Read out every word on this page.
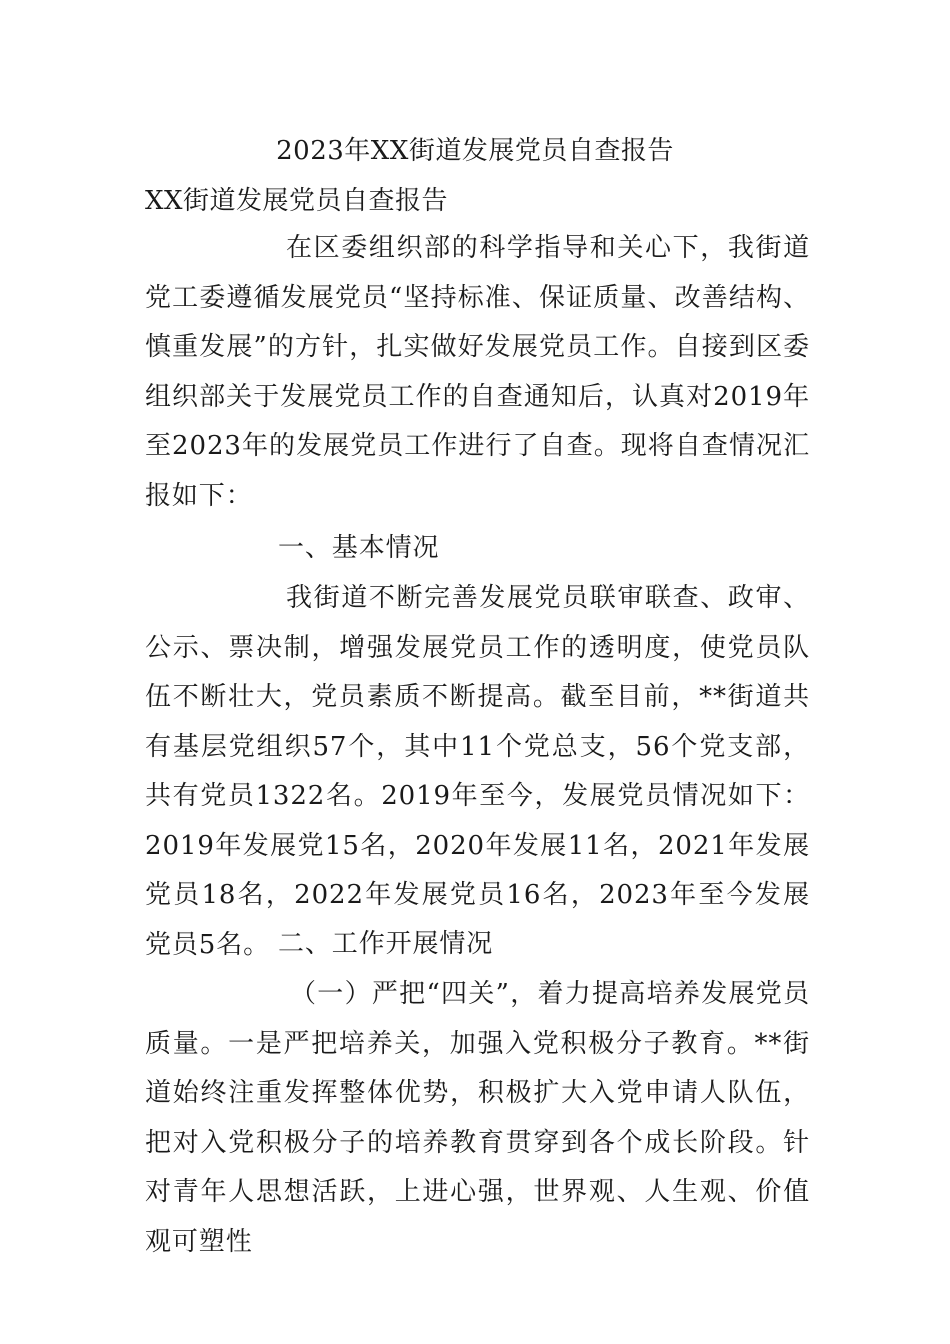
2023年XX街道发展党员自查报告
XX街道发展党员自查报告
在区委组织部的科学指导和关心下，我街道党工委遵循发展党员“坚持标准、保证质量、改善结构、慎重发展”的方针，扎实做好发展党员工作。自接到区委组织部关于发展党员工作的自查通知后，认真对2019年至2023年的发展党员工作进行了自查。现将自查情况汇报如下：
一、基本情况
我街道不断完善发展党员联审联查、政审、公示、票决制，增强发展党员工作的透明度，使党员队伍不断壮大，党员素质不断提高。截至目前，**街道共有基层党组织57个，其中11个党总支，56个党支部，共有党员1322名。2019年至今，发展党员情况如下：2019年发展党15名，2020年发展11名，2021年发展党员18名，2022年发展党员16名，2023年至今发展党员5名。 二、工作开展情况
（一）严把“四关”，着力提高培养发展党员质量。一是严把培养关，加强入党积极分子教育。**街道始终注重发挥整体优势，积极扩大入党申请人队伍，把对入党积极分子的培养教育贯穿到各个成长阶段。针对青年人思想活跃，上进心强，世界观、人生观、价值观可塑性
